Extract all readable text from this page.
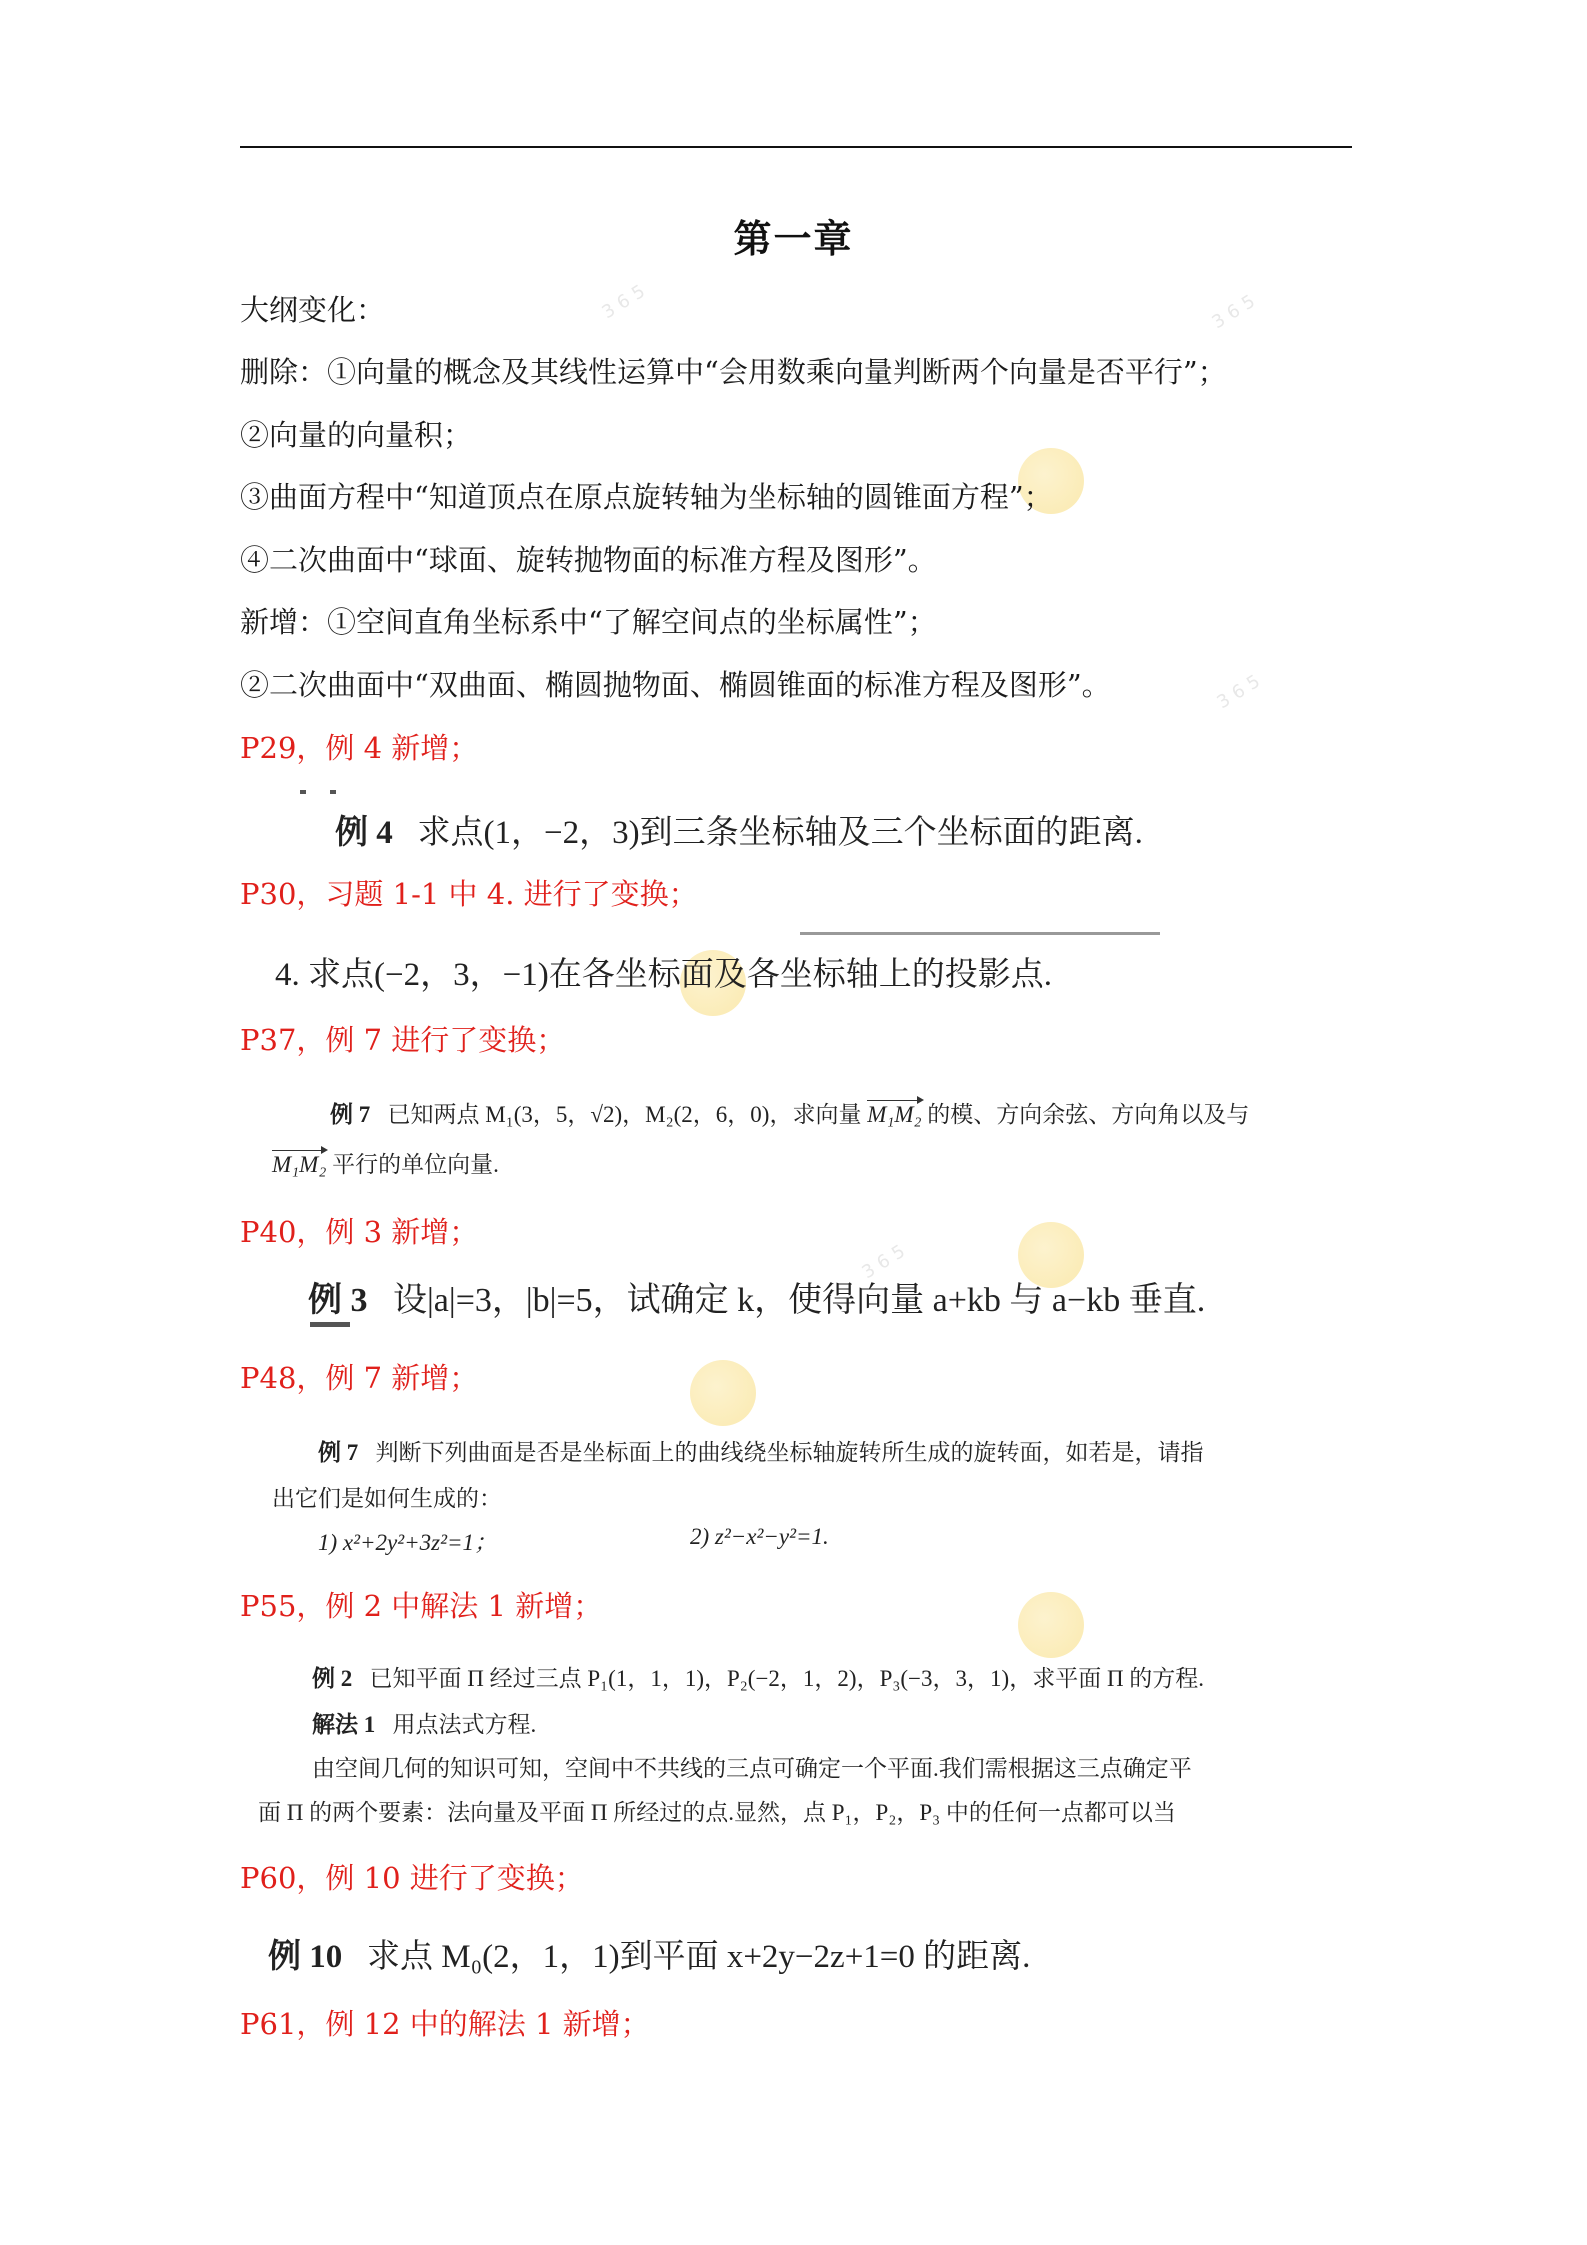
365
365
365
365
第一章
大纲变化：
删除：①向量的概念及其线性运算中“会用数乘向量判断两个向量是否平行”；
②向量的向量积；
③曲面方程中“知道顶点在原点旋转轴为坐标轴的圆锥面方程”；
④二次曲面中“球面、旋转抛物面的标准方程及图形”。
新增：①空间直角坐标系中“了解空间点的坐标属性”；
②二次曲面中“双曲面、椭圆抛物面、椭圆锥面的标准方程及图形”。
P29，例 4 新增；
例 4 求点(1，−2，3)到三条坐标轴及三个坐标面的距离.
P30，习题 1-1 中 4. 进行了变换；
4. 求点(−2，3，−1)在各坐标面及各坐标轴上的投影点.
P37，例 7 进行了变换；
例 7 已知两点 M₁(3，5，√2)，M₂(2，6，0)，求向量 M₁M₂ 的模、方向余弦、方向角以及与
M₁M₂ 平行的单位向量.
P40，例 3 新增；
例 3 设|a|=3，|b|=5，试确定 k，使得向量 a+kb 与 a−kb 垂直.
P48，例 7 新增；
例 7 判断下列曲面是否是坐标面上的曲线绕坐标轴旋转所生成的旋转面，如若是，请指
出它们是如何生成的：
1) x²+2y²+3z²=1；	2) z²−x²−y²=1.
P55，例 2 中解法 1 新增；
例 2 已知平面 Π 经过三点 P₁(1，1，1)，P₂(−2，1，2)，P₃(−3，3，1)，求平面 Π 的方程.
解法 1 用点法式方程.
由空间几何的知识可知，空间中不共线的三点可确定一个平面.我们需根据这三点确定平
面 Π 的两个要素：法向量及平面 Π 所经过的点.显然，点 P₁，P₂，P₃ 中的任何一点都可以当
P60，例 10 进行了变换；
例 10 求点 M₀(2，1，1)到平面 x+2y−2z+1=0 的距离.
P61，例 12 中的解法 1 新增；
